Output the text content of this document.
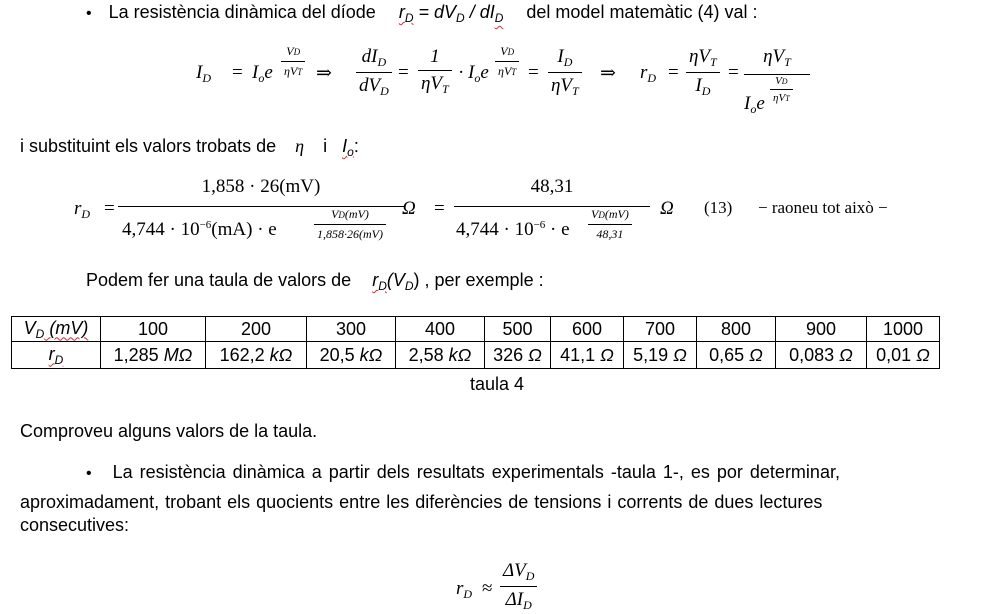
• La resistència dinàmica del díode $r_D = dV_D / dI_D$ del model matemàtic (4) val :
$I_D = I_oe$
VD
ηVT ⇒
$dI_D$
$dV_D$
=
1
$\eta V_T$
· $I_oe$
VD
ηVT =
$I_D$
$\eta V_T$
⇒ $r_D$ =
$\eta V_T$
$I_D$
=
$\eta V_T$
$I_oe$
VD
ηVT
i substituint els valors trobats de η i $I_o$:
$r_D$ =
1,858 · 26(mV)
$4,744 \cdot 10^{-6}(mA) \cdot e$	$\frac{VD(mV)}{1,858\cdot 26(mV)}$ Ω =
48,31
$4,744 \cdot 10^{-6} \cdot e \frac{VD(mV)}{48,31}$ Ω (13) − raoneu tot això −
Podem fer una taula de valors de $r_D(V_D)$ , per exemple :
$V_D$ (mV)	100	200	300	400	500	600	700	800	900	1000
$r_D$	1,285 MΩ	162,2 kΩ	20,5 kΩ	2,58 kΩ	326 Ω	41,1 Ω	5,19 Ω	0,65 Ω	0,083 Ω	0,01 Ω
taula 4
Comproveu alguns valors de la taula.
• La resistència dinàmica a partir dels resultats experimentals -taula 1-, es por determinar,
aproximadament, trobant els quocients entre les diferències de tensions i corrents de dues lectures
consecutives:
$r_D$ ≈
$\Delta V_D$
$\Delta I_D$
